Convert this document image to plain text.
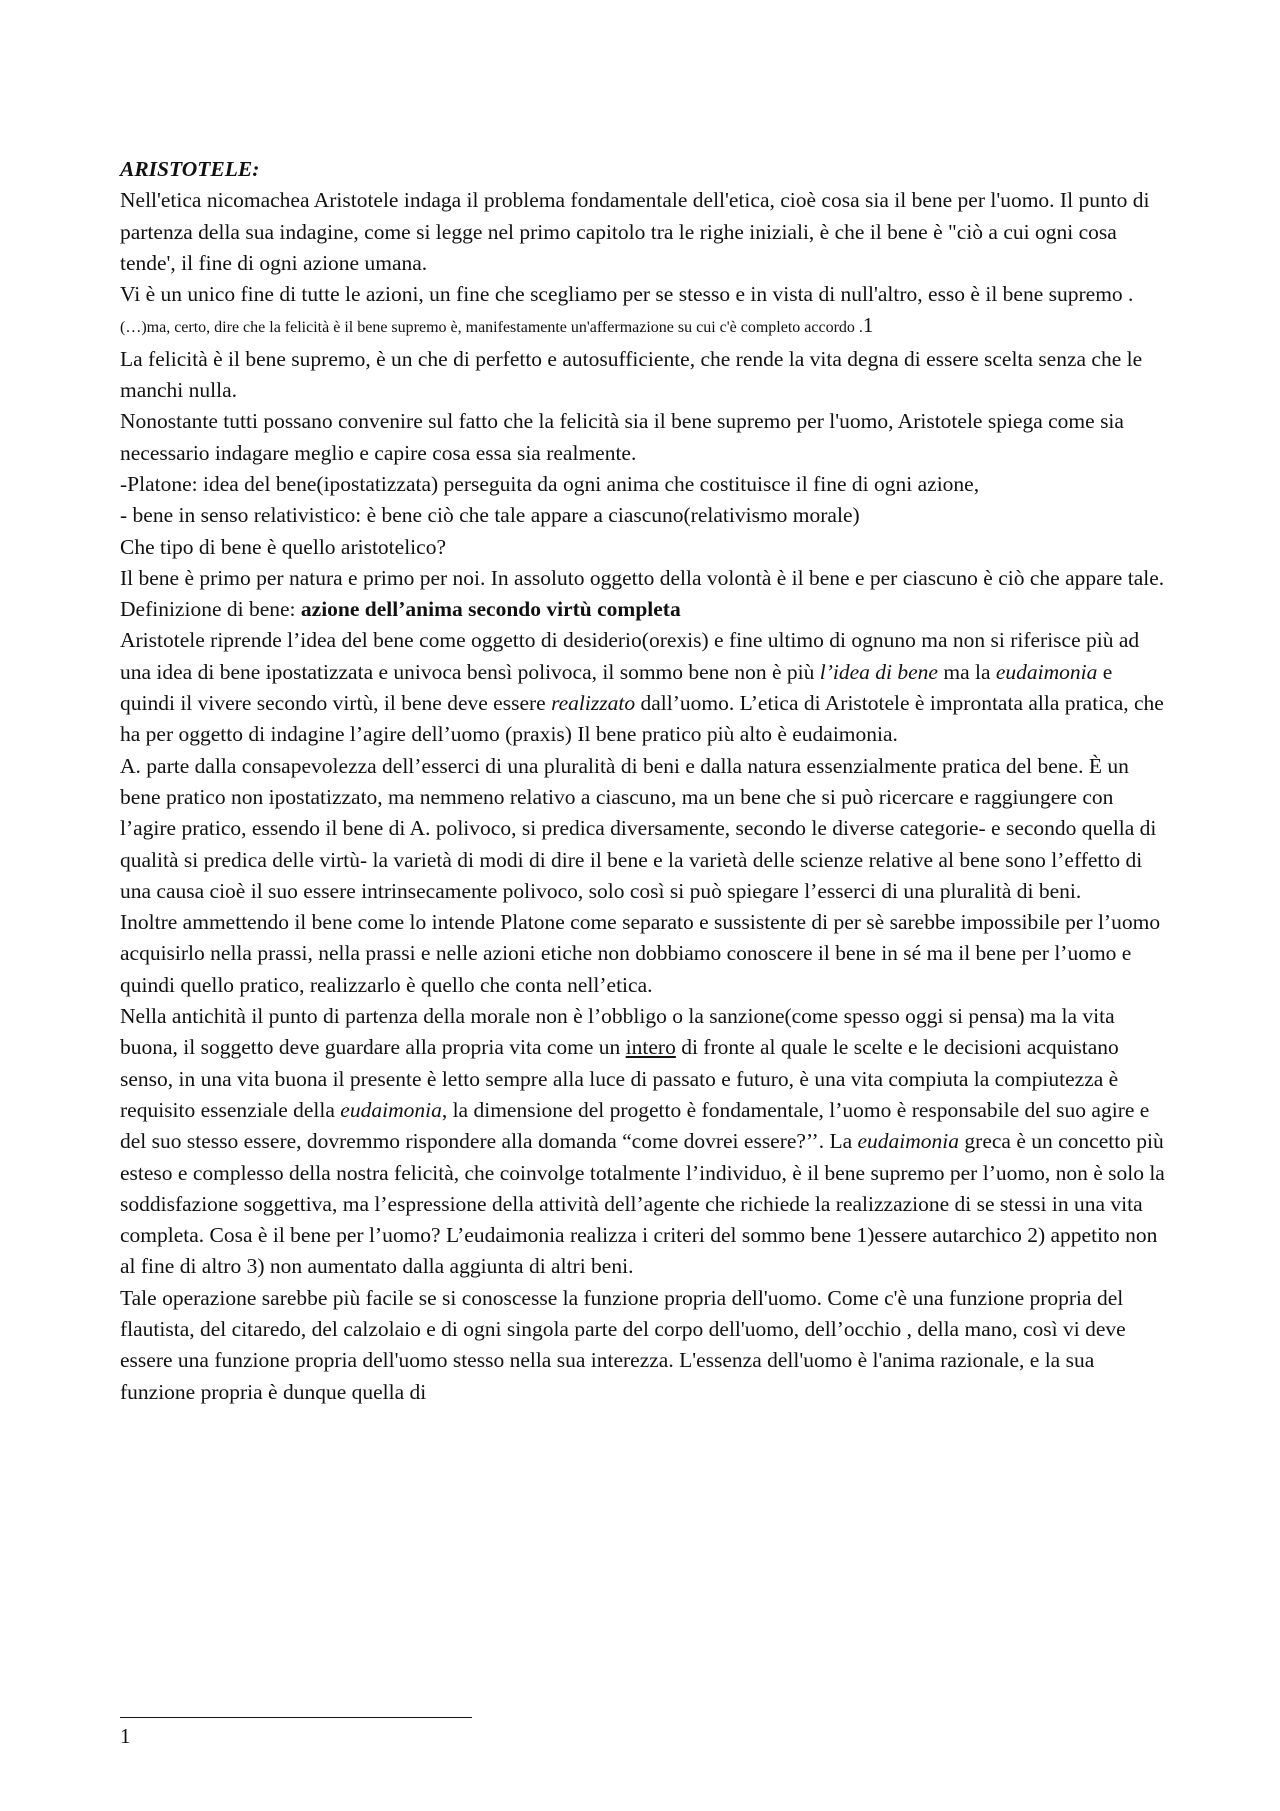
ARISTOTELE:

Nell'etica nicomachea Aristotele indaga il problema fondamentale dell'etica, cioè cosa sia il bene per l'uomo. Il punto di partenza della sua indagine, come si legge nel primo capitolo tra le righe iniziali, è che il bene è "ciò a cui ogni cosa tende', il fine di ogni azione umana.

Vi è un unico fine di tutte le azioni, un fine che scegliamo per se stesso e in vista di null'altro, esso è il bene supremo .

(…)ma, certo, dire che la felicità è il bene supremo è, manifestamente un'affermazione su cui c'è completo accordo .1

La felicità è il bene supremo, è un che di perfetto e autosufficiente, che rende la vita degna di essere scelta senza che le manchi nulla.

Nonostante tutti possano convenire sul fatto che la felicità sia il bene supremo per l'uomo, Aristotele spiega come sia necessario indagare meglio e capire cosa essa sia realmente.

-Platone: idea del bene(ipostatizzata) perseguita da ogni anima che costituisce il fine di ogni azione,

- bene in senso relativistico: è bene ciò che tale appare a ciascuno(relativismo morale)

Che tipo di bene è quello aristotelico?

Il bene è primo per natura e primo per noi. In assoluto oggetto della volontà è il bene e per ciascuno è ciò che appare tale.

Definizione di bene: azione dell’anima secondo virtù completa

Aristotele riprende l’idea del bene come oggetto di desiderio(orexis) e fine ultimo di ognuno ma non si riferisce più ad una idea di bene ipostatizzata e univoca bensì polivoca, il sommo bene non è più l’idea di bene ma la eudaimonia e quindi il vivere secondo virtù, il bene deve essere realizzato dall’uomo. L’etica di Aristotele è improntata alla pratica, che ha per oggetto di indagine l’agire dell’uomo (praxis) Il bene pratico più alto è eudaimonia.

A. parte dalla consapevolezza dell’esserci di una pluralità di beni e dalla natura essenzialmente pratica del bene. È un bene pratico non ipostatizzato, ma nemmeno relativo a ciascuno, ma un bene che si può ricercare e raggiungere con l’agire pratico, essendo il bene di A. polivoco, si predica diversamente, secondo le diverse categorie- e secondo quella di qualità si predica delle virtù- la varietà di modi di dire il bene e la varietà delle scienze relative al bene sono l’effetto di una causa cioè il suo essere intrinsecamente polivoco, solo così si può spiegare l’esserci di una pluralità di beni.

Inoltre ammettendo il bene come lo intende Platone come separato e sussistente di per sè sarebbe impossibile per l’uomo acquisirlo nella prassi, nella prassi e nelle azioni etiche non dobbiamo conoscere il bene in sé ma il bene per l’uomo e quindi quello pratico, realizzarlo è quello che conta nell’etica.

Nella antichità il punto di partenza della morale non è l’obbligo o la sanzione(come spesso oggi si pensa) ma la vita buona, il soggetto deve guardare alla propria vita come un intero di fronte al quale le scelte e le decisioni acquistano senso, in una vita buona il presente è letto sempre alla luce di passato e futuro, è una vita compiuta la compiutezza è requisito essenziale della eudaimonia, la dimensione del progetto è fondamentale, l’uomo è responsabile del suo agire e del suo stesso essere, dovremmo rispondere alla domanda “come dovrei essere?’’. La eudaimonia greca è un concetto più esteso e complesso della nostra felicità, che coinvolge totalmente l’individuo, è il bene supremo per l’uomo, non è solo la soddisfazione soggettiva, ma l’espressione della attività dell’agente che richiede la realizzazione di se stessi in una vita completa. Cosa è il bene per l’uomo? L’eudaimonia realizza i criteri del sommo bene 1)essere autarchico 2) appetito non al fine di altro 3) non aumentato dalla aggiunta di altri beni.

Tale operazione sarebbe più facile se si conoscesse la funzione propria dell'uomo. Come c'è una funzione propria del flautista, del citaredo, del calzolaio e di ogni singola parte del corpo dell'uomo, dell’occhio , della mano, così vi deve essere una funzione propria dell'uomo stesso nella sua interezza. L'essenza dell'uomo è l'anima razionale, e la sua funzione propria è dunque quella di

1
